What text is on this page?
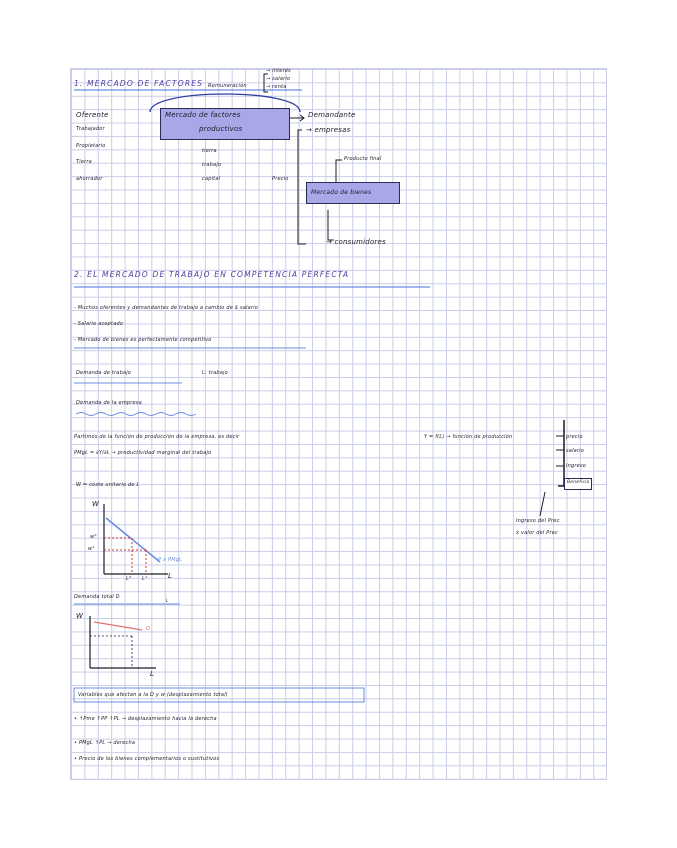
1. MERCADO DE FACTORES Remuneración
→ interés
→ salario
→ renta
Oferente
Trabajador
Propietario
Tierra
ahorrador
Mercado de factores
productivos
tierra
trabajo
capital	Precio
Demandante
→ empresas
Producto final
Mercado de bienes
→ consumidores
2. EL MERCADO DE TRABAJO EN COMPETENCIA PERFECTA
- Muchos oferentes y demandantes de trabajo a cambio de $ salario
- Salario aceptado
- Mercado de bienes es perfectamente competitivo
Demanda de trabajo	L: trabajo
Demanda de la empresa
Partimos de la función de producción de la empresa, es decir	Y = f(L) → función de producción
PMgL = ∂Y/∂L → productividad marginal del trabajo
W = coste unitario de L
precio
salario
Ingreso
Beneficio
Ingreso del Prec
x valor del Prec
W
w°
w¹
L° L¹	L
P x PMgL
Demanda total D
L
W
L
D
Variables que afectan a la D y w (desplazamiento total)
• ↑Pme ↑PP ↑PL → desplazamiento hacia la derecha
• PMgL ↑PL → derecha
• Precio de los bienes complementarios o sustitutivos
